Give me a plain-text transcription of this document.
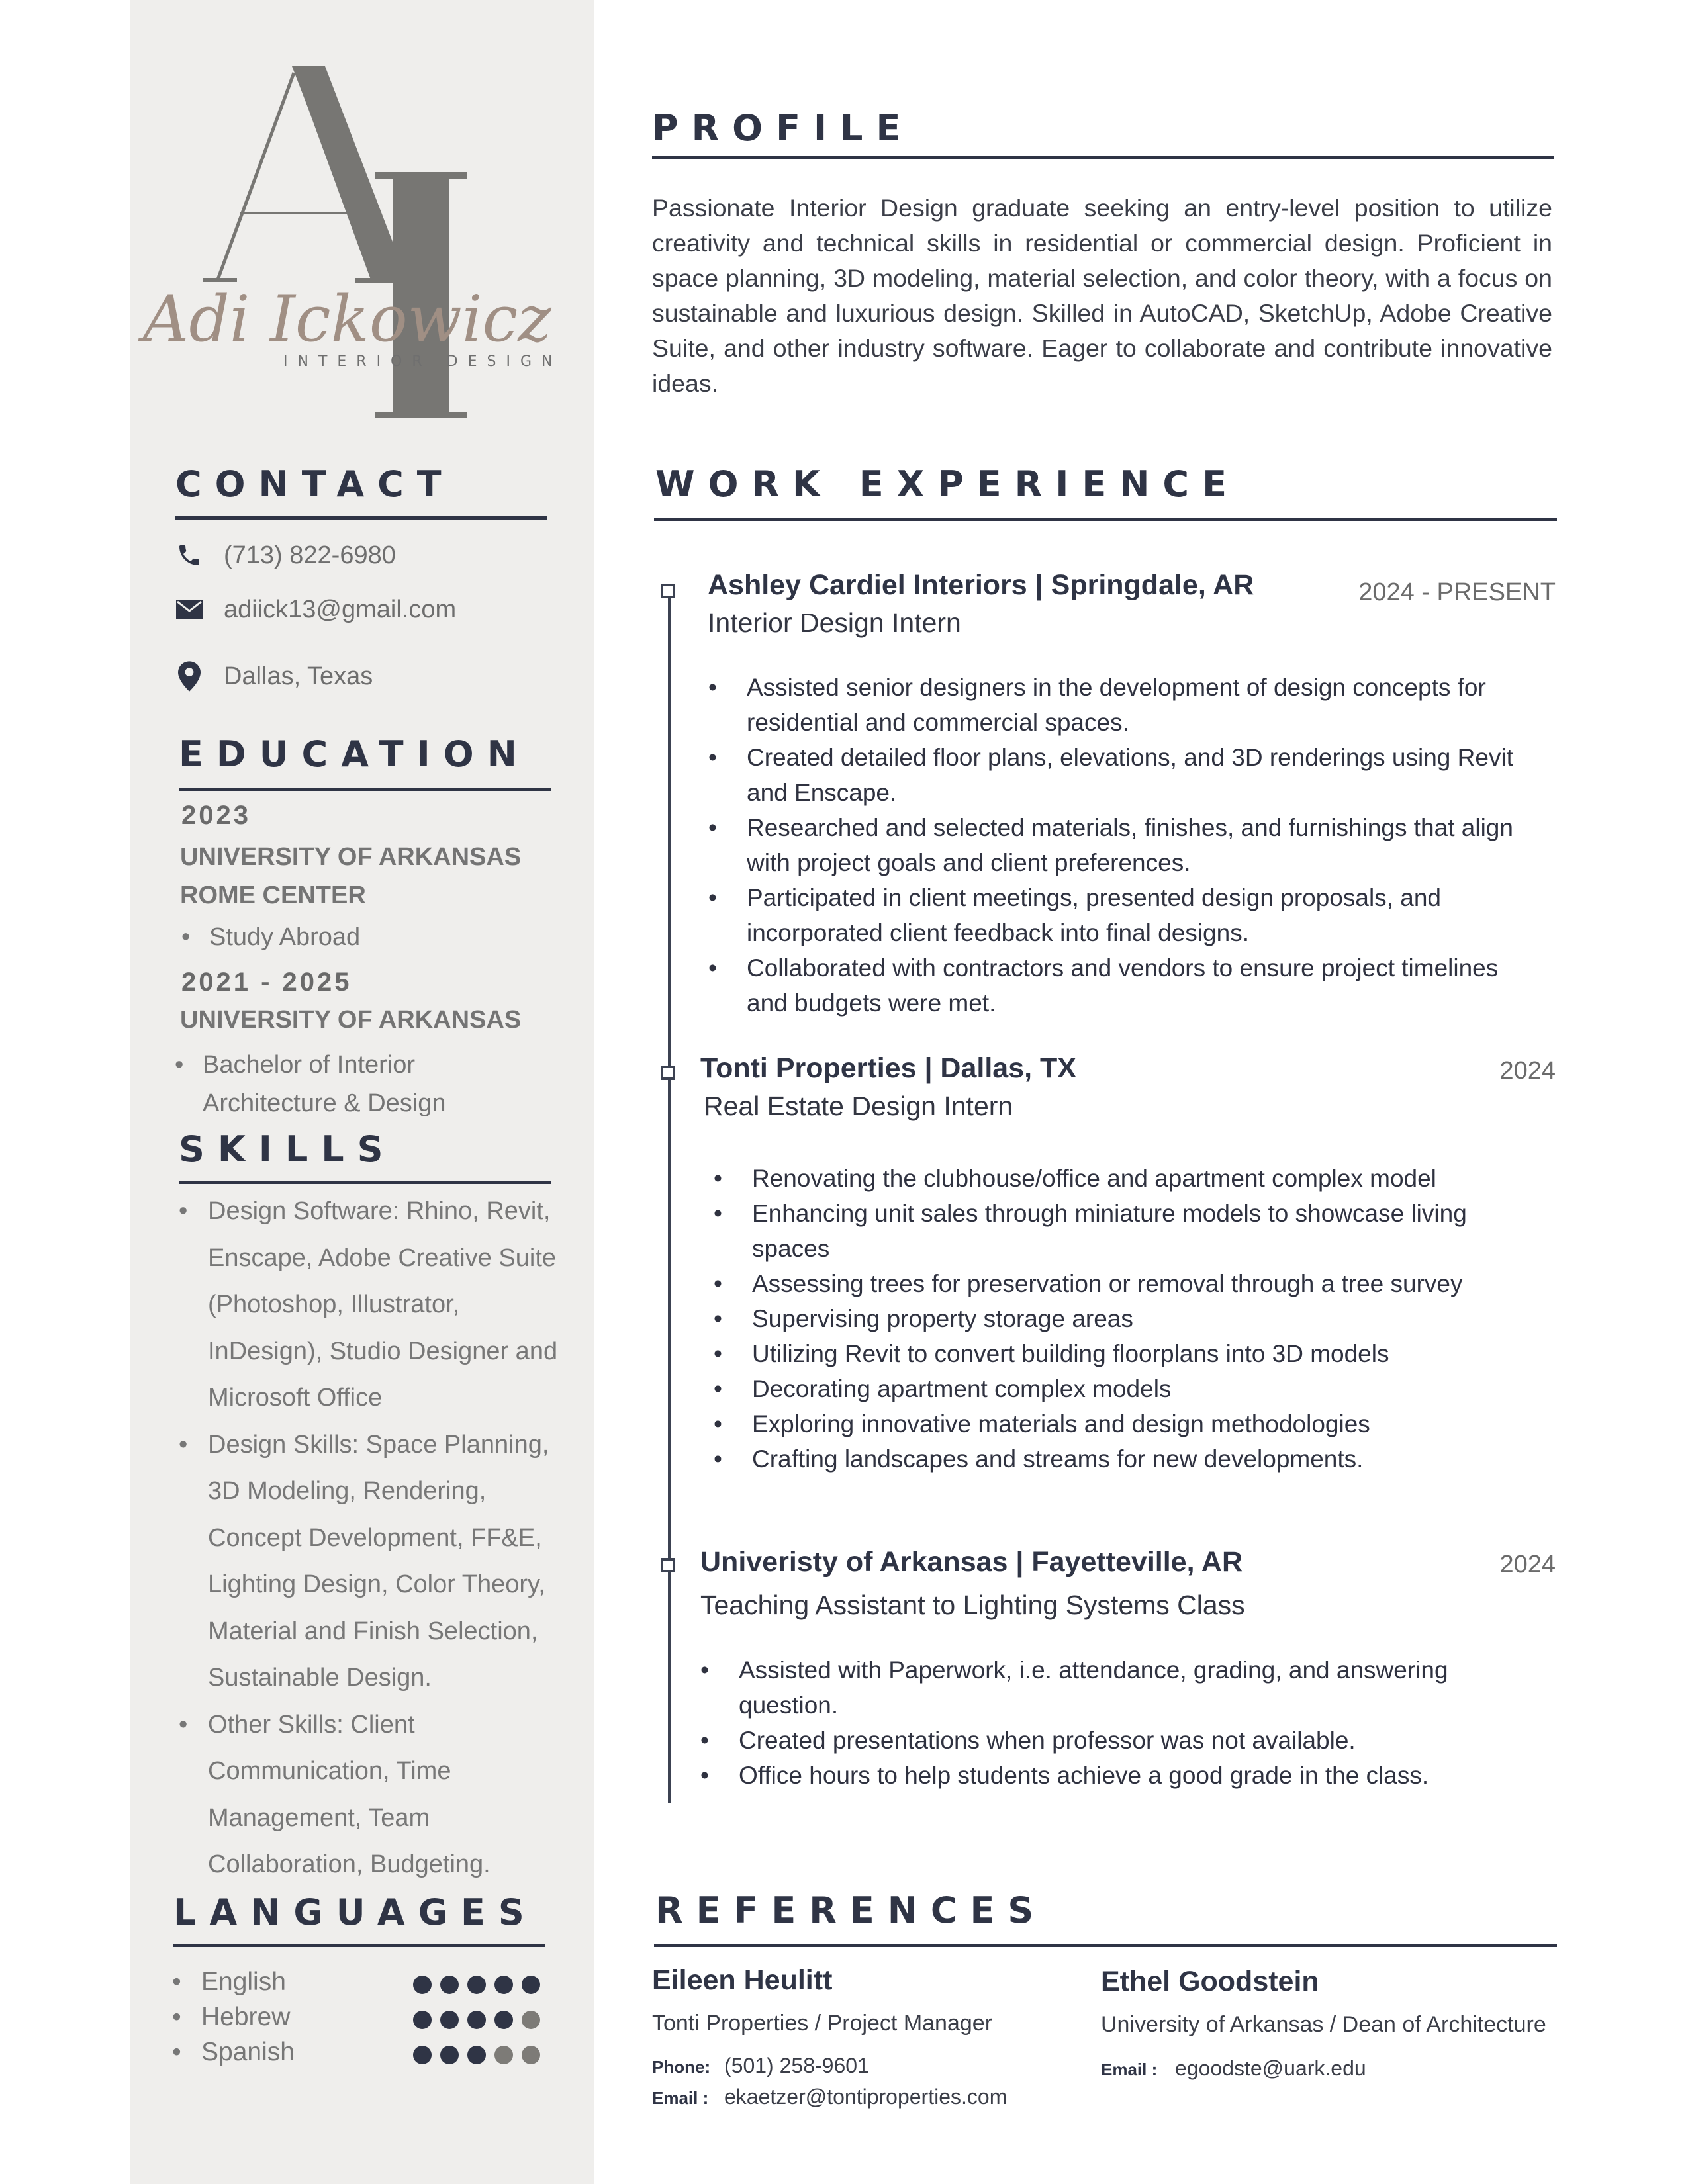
Adi Ickowicz
INTERIOR DESIGN
CONTACT
(713) 822-6980
adiick13@gmail.com
Dallas, Texas
EDUCATION
2023
UNIVERSITY OF ARKANSAS ROME CENTER
• Study Abroad
2021 - 2025
UNIVERSITY OF ARKANSAS
• Bachelor of Interior Architecture & Design
SKILLS
• Design Software: Rhino, Revit, Enscape, Adobe Creative Suite (Photoshop, Illustrator, InDesign), Studio Designer and Microsoft Office
• Design Skills: Space Planning, 3D Modeling, Rendering, Concept Development, FF&E, Lighting Design, Color Theory, Material and Finish Selection, Sustainable Design.
• Other Skills: Client Communication, Time Management, Team Collaboration, Budgeting.
LANGUAGES
• English
• Hebrew
• Spanish
PROFILE
Passionate Interior Design graduate seeking an entry-level position to utilize creativity and technical skills in residential or commercial design. Proficient in space planning, 3D modeling, material selection, and color theory, with a focus on sustainable and luxurious design. Skilled in AutoCAD, SketchUp, Adobe Creative Suite, and other industry software. Eager to collaborate and contribute innovative ideas.
WORK EXPERIENCE
Ashley Cardiel Interiors | Springdale, AR	2024 - PRESENT
Interior Design Intern
• Assisted senior designers in the development of design concepts for residential and commercial spaces.
• Created detailed floor plans, elevations, and 3D renderings using Revit and Enscape.
• Researched and selected materials, finishes, and furnishings that align with project goals and client preferences.
• Participated in client meetings, presented design proposals, and incorporated client feedback into final designs.
• Collaborated with contractors and vendors to ensure project timelines and budgets were met.
Tonti Properties | Dallas, TX	2024
Real Estate Design Intern
• Renovating the clubhouse/office and apartment complex model
• Enhancing unit sales through miniature models to showcase living spaces
• Assessing trees for preservation or removal through a tree survey
• Supervising property storage areas
• Utilizing Revit to convert building floorplans into 3D models
• Decorating apartment complex models
• Exploring innovative materials and design methodologies
• Crafting landscapes and streams for new developments.
Univeristy of Arkansas | Fayetteville, AR	2024
Teaching Assistant to Lighting Systems Class
• Assisted with Paperwork, i.e. attendance, grading, and answering question.
• Created presentations when professor was not available.
• Office hours to help students achieve a good grade in the class.
REFERENCES
Eileen Heulitt
Tonti Properties / Project Manager
Phone: (501) 258-9601
Email : ekaetzer@tontiproperties.com
Ethel Goodstein
University of Arkansas / Dean of Architecture
Email : egoodste@uark.edu
